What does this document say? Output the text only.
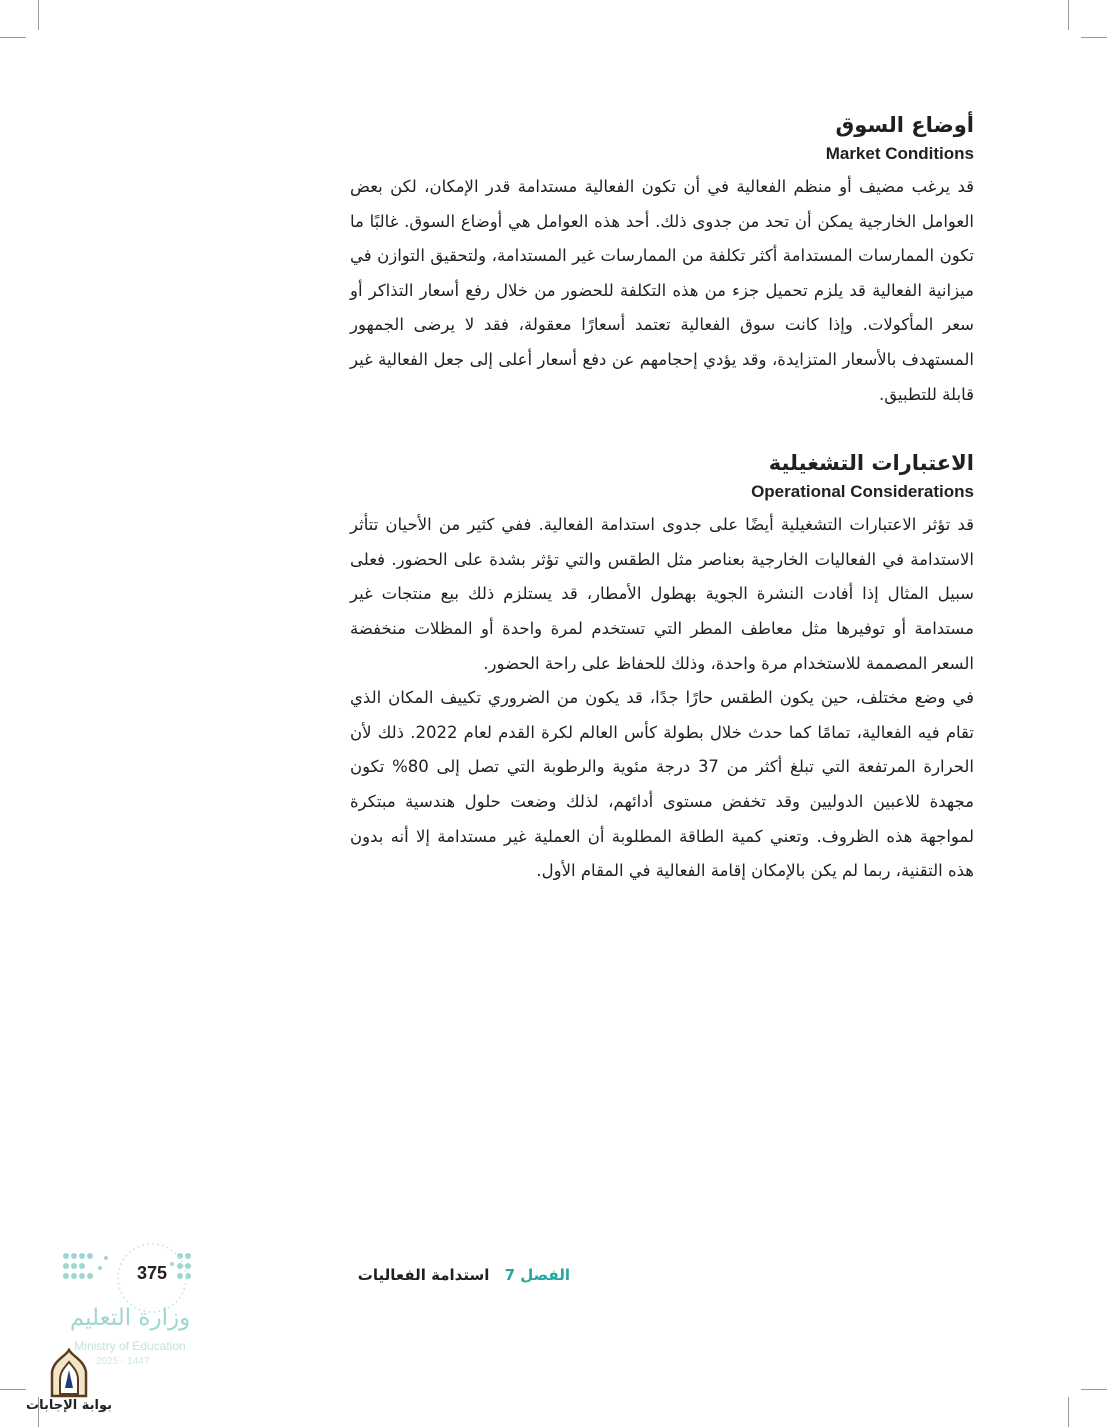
أوضاع السوق
Market Conditions

قد يرغب مضيف أو منظم الفعالية في أن تكون الفعالية مستدامة قدر الإمكان، لكن بعض العوامل الخارجية يمكن أن تحد من جدوى ذلك. أحد هذه العوامل هي أوضاع السوق. غالبًا ما تكون الممارسات المستدامة أكثر تكلفة من الممارسات غير المستدامة، ولتحقيق التوازن في ميزانية الفعالية قد يلزم تحميل جزء من هذه التكلفة للحضور من خلال رفع أسعار التذاكر أو سعر المأكولات. وإذا كانت سوق الفعالية تعتمد أسعارًا معقولة، فقد لا يرضى الجمهور المستهدف بالأسعار المتزايدة، وقد يؤدي إحجامهم عن دفع أسعار أعلى إلى جعل الفعالية غير قابلة للتطبيق.

الاعتبارات التشغيلية
Operational Considerations

قد تؤثر الاعتبارات التشغيلية أيضًا على جدوى استدامة الفعالية. ففي كثير من الأحيان تتأثر الاستدامة في الفعاليات الخارجية بعناصر مثل الطقس والتي تؤثر بشدة على الحضور. فعلى سبيل المثال إذا أفادت النشرة الجوية بهطول الأمطار، قد يستلزم ذلك بيع منتجات غير مستدامة أو توفيرها مثل معاطف المطر التي تستخدم لمرة واحدة أو المظلات منخفضة السعر المصممة للاستخدام مرة واحدة، وذلك للحفاظ على راحة الحضور.

في وضع مختلف، حين يكون الطقس حارًا جدًا، قد يكون من الضروري تكييف المكان الذي تقام فيه الفعالية، تمامًا كما حدث خلال بطولة كأس العالم لكرة القدم لعام 2022. ذلك لأن الحرارة المرتفعة التي تبلغ أكثر من 37 درجة مئوية والرطوبة التي تصل إلى 80% تكون مجهدة للاعبين الدوليين وقد تخفض مستوى أدائهم، لذلك وضعت حلول هندسية مبتكرة لمواجهة هذه الظروف. وتعني كمية الطاقة المطلوبة أن العملية غير مستدامة إلا أنه بدون هذه التقنية، ربما لم يكن بالإمكان إقامة الفعالية في المقام الأول.

الفصل 7 استدامة الفعاليات
375
وزارة التعليم
Ministry of Education
2025 - 1447
بوابة الإجابات
